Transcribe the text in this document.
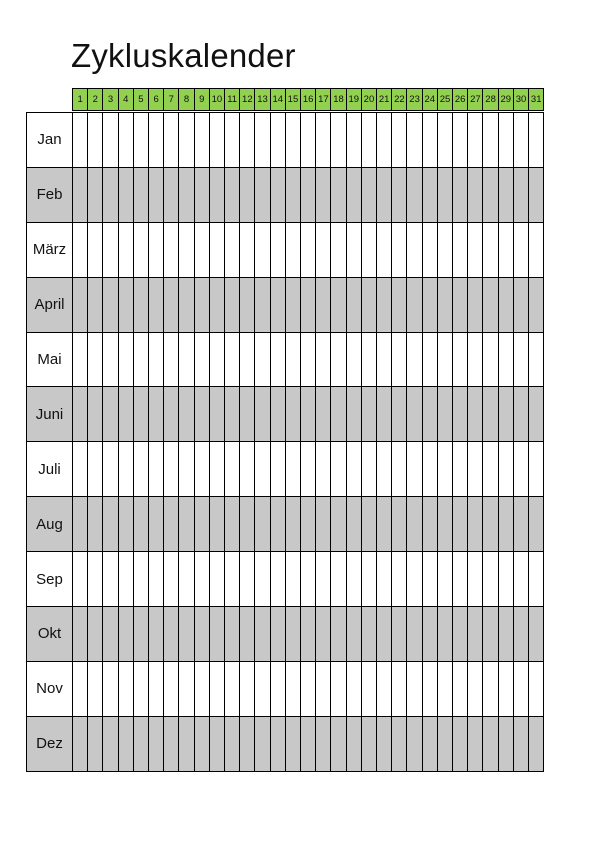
Zykluskalender
1	2	3	4	5	6	7	8	9 10 11 12 13 14 15 16 17 18 19 20 21 22 23 24 25 26 27 28 29 30 31
Jan
Feb
März
April
Mai
Juni
Juli
Aug
Sep
Okt
Nov
Dez
